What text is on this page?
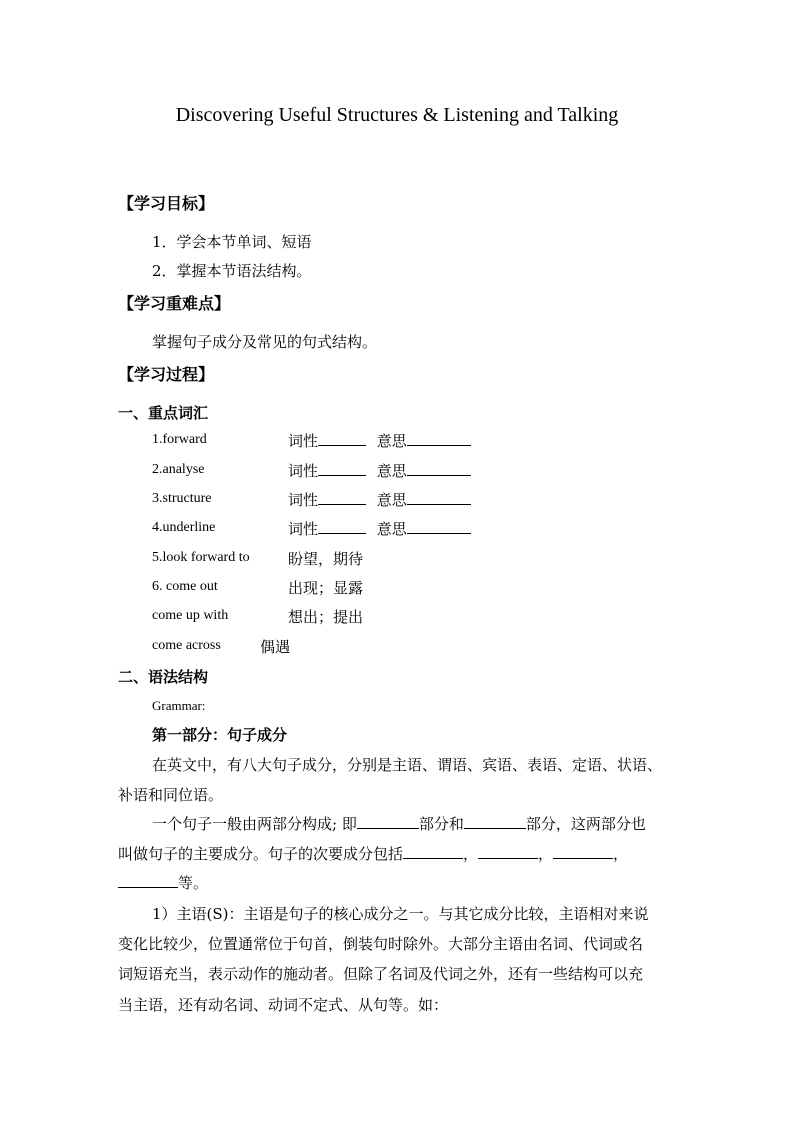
Discovering Useful Structures & Listening and Talking
【学习目标】
1．学会本节单词、短语
2．掌握本节语法结构。
【学习重难点】
掌握句子成分及常见的句式结构。
【学习过程】
一、重点词汇
1.forward	词性	意思
2.analyse	词性	意思
3.structure	词性	意思
4.underline	词性	意思
5.look forward to	盼望，期待
6. come out	出现；显露
come up with	想出；提出
come across	偶遇
二、语法结构
Grammar:
第一部分：句子成分
在英文中，有八大句子成分，分别是主语、谓语、宾语、表语、定语、状语、
补语和同位语。
一个句子一般由两部分构成; 即	部分和	部分，这两部分也
叫做句子的主要成分。句子的次要成分包括	，	，	，
等。
1）主语(S)：主语是句子的核心成分之一。与其它成分比较，主语相对来说
变化比较少，位置通常位于句首，倒装句时除外。大部分主语由名词、代词或名
词短语充当，表示动作的施动者。但除了名词及代词之外，还有一些结构可以充
当主语，还有动名词、动词不定式、从句等。如：
